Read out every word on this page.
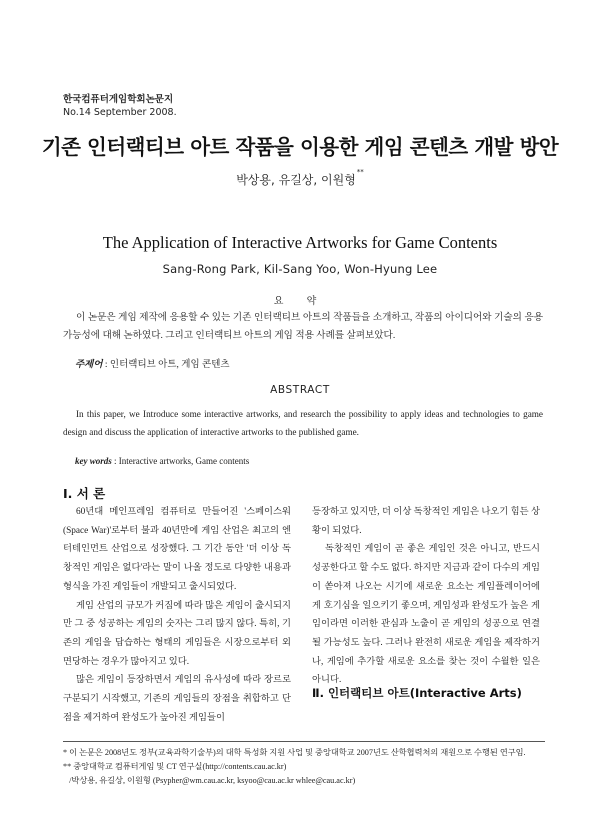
한국컴퓨터게임학회논문지
No.14 September 2008.
기존 인터랙티브 아트 작품을 이용한 게임 콘텐츠 개발 방안
박상용, 유길상, 이원형**
The Application of Interactive Artworks for Game Contents
Sang-Rong Park, Kil-Sang Yoo, Won-Hyung Lee
요 약
이 논문은 게임 제작에 응용할 수 있는 기존 인터랙티브 아트의 작품들을 소개하고, 작품의 아이디어와 기술의 응용 가능성에 대해 논하였다. 그리고 인터랙티브 아트의 게임 적용 사례를 살펴보았다.
주제어 : 인터랙티브 아트, 게임 콘텐츠
ABSTRACT
In this paper, we Introduce some interactive artworks, and research the possibility to apply ideas and technologies to game design and discuss the application of interactive artworks to the published game.
key words : Interactive artworks, Game contents
Ⅰ. 서 론

60년대 메인프레임 컴퓨터로 만들어진 '스페이스워(Space War)'로부터 불과 40년만에 게임 산업은 최고의 엔터테인먼트 산업으로 성장했다. 그 기간 동안 '더 이상 독창적인 게임은 없다'라는 말이 나올 정도로 다양한 내용과 형식을 가진 게임들이 개발되고 출시되었다.

게임 산업의 규모가 커짐에 따라 많은 게임이 출시되지만 그 중 성공하는 게임의 숫자는 그리 많지 않다. 특히, 기존의 게임을 답습하는 형태의 게임들은 시장으로부터 외면당하는 경우가 많아지고 있다.

많은 게임이 등장하면서 게임의 유사성에 따라 장르로 구분되기 시작했고, 기존의 게임들의 장점을 취합하고 단점을 제거하여 완성도가 높아진 게임들이

등장하고 있지만, 더 이상 독창적인 게임은 나오기 힘든 상황이 되었다.

독창적인 게임이 곧 좋은 게임인 것은 아니고, 반드시 성공한다고 할 수도 없다. 하지만 지금과 같이 다수의 게임이 쏟아져 나오는 시기에 새로운 요소는 게임플레이어에게 호기심을 일으키기 좋으며, 게임성과 완성도가 높은 게임이라면 이러한 관심과 노출이 곧 게임의 성공으로 연결될 가능성도 높다. 그러나 완전히 새로운 게임을 제작하거나, 게임에 추가할 새로운 요소를 찾는 것이 수월한 일은 아니다.

Ⅱ. 인터랙티브 아트(Interactive Arts)
* 이 논문은 2008년도 정부(교육과학기술부)의 대학 특성화 지원 사업 및 중앙대학교 2007년도 산학협력처의 재원으로 수행된 연구임.
** 중앙대학교 컴퓨터게임 및 CT 연구실(http://contents.cau.ac.kr)
/박상용, 유길상, 이원형 (Psypher@wm.cau.ac.kr, ksyoo@cau.ac.kr whlee@cau.ac.kr)
